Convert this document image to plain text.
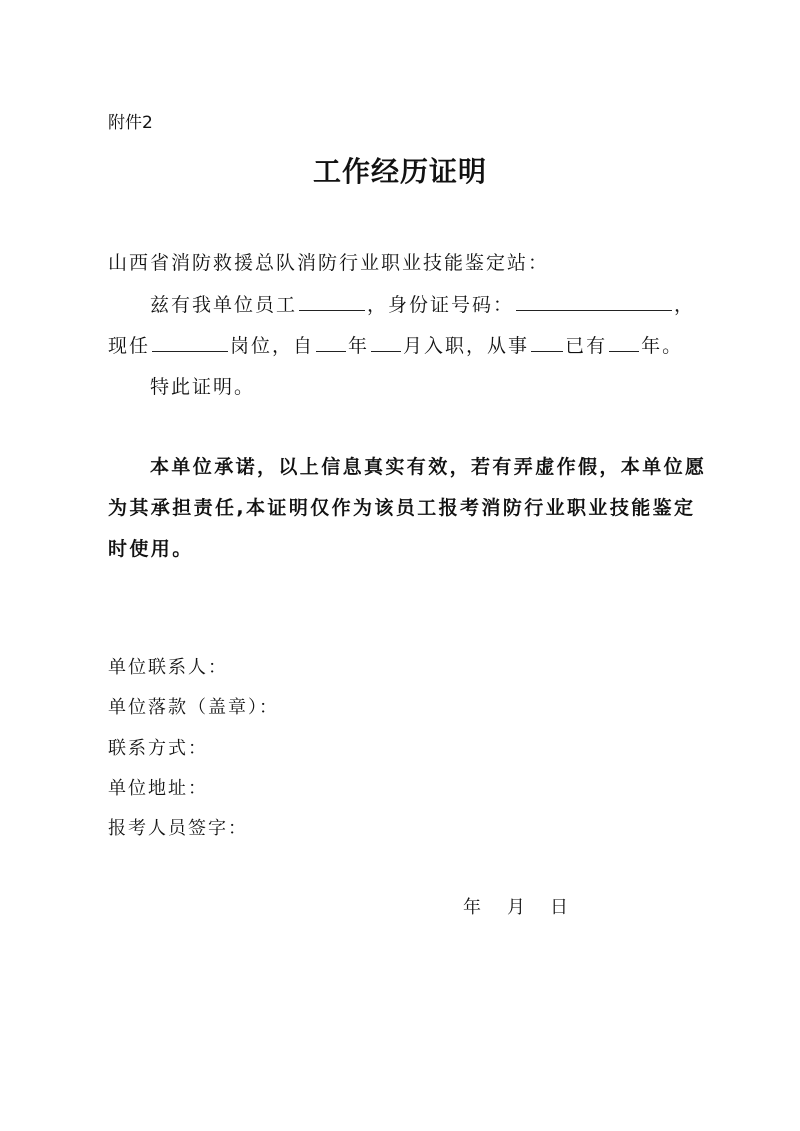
附件2
工作经历证明
山西省消防救援总队消防行业职业技能鉴定站：
兹有我单位员工	，身份证号码：	，
现任	岗位，自 年 月入职，从事 已有 年。
特此证明。
本单位承诺，以上信息真实有效，若有弄虚作假，本单位愿
为其承担责任,本证明仅作为该员工报考消防行业职业技能鉴定
时使用。
单位联系人：
单位落款（盖章）：
联系方式：
单位地址：
报考人员签字：
年 月 日
